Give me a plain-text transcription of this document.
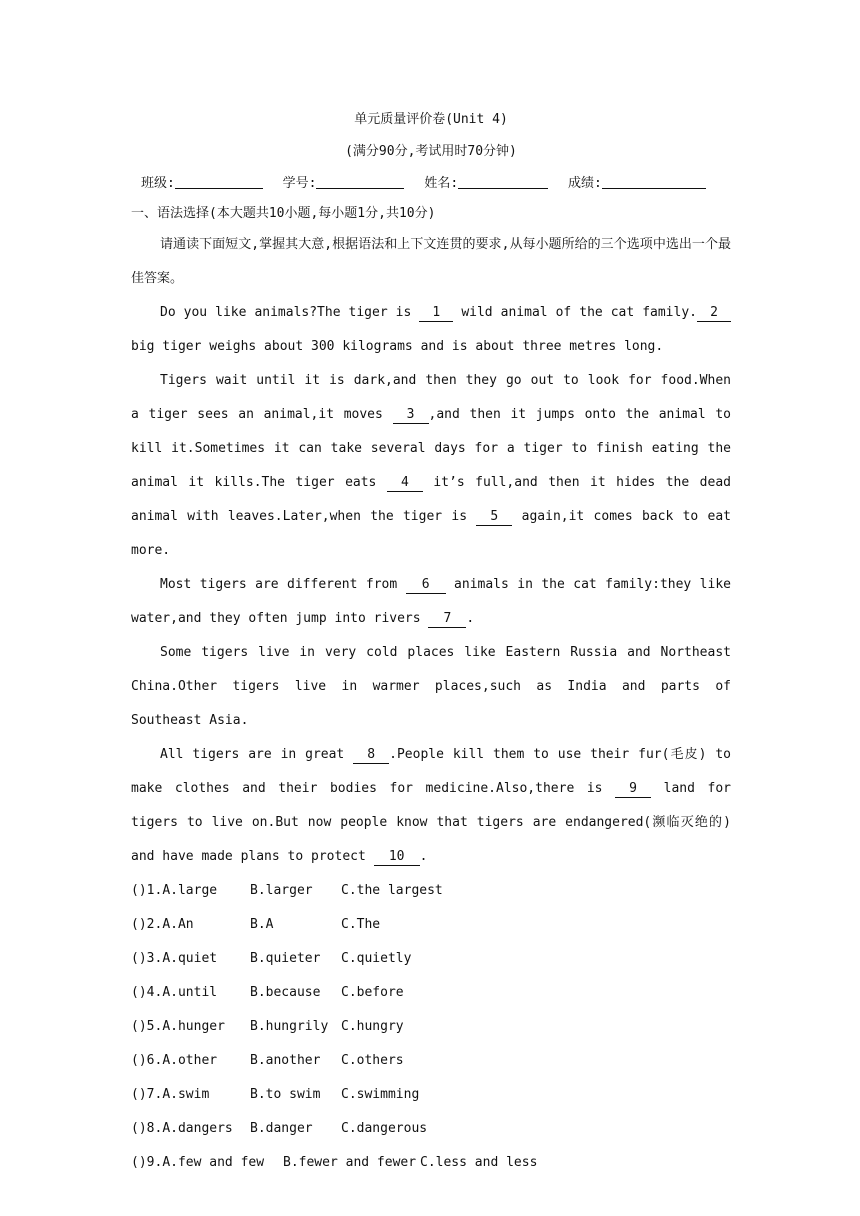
单元质量评价卷(Unit 4)
(满分90分,考试用时70分钟)
班级:	学号:	姓名:	成绩:
一、语法选择(本大题共10小题,每小题1分,共10分)

请通读下面短文,掌握其大意,根据语法和上下文连贯的要求,从每小题所给的三个选项中选出一个最佳答案。

Do you like animals?The tiger is 1 wild animal of the cat family. 2 big tiger weighs about 300 kilograms and is about three metres long.

Tigers wait until it is dark,and then they go out to look for food.When a tiger sees an animal,it moves 3 ,and then it jumps onto the animal to kill it.Sometimes it can take several days for a tiger to finish eating the animal it kills.The tiger eats 4 it’s full,and then it hides the dead animal with leaves.Later,when the tiger is 5 again,it comes back to eat more.

Most tigers are different from 6 animals in the cat family:they like water,and they often jump into rivers 7 .

Some tigers live in very cold places like Eastern Russia and Northeast China.Other tigers live in warmer places,such as India and parts of Southeast Asia.

All tigers are in great 8 .People kill them to use their fur(毛皮) to make clothes and their bodies for medicine.Also,there is 9 land for tigers to live on.But now people know that tigers are endangered(濒临灭绝的) and have made plans to protect 10 .

()1.A.large	B.larger C.the largest
()2.A.An	B.A	C.The
()3.A.quiet	B.quieter C.quietly
()4.A.until	B.because C.before
()5.A.hunger B.hungrily C.hungry
()6.A.other	B.another C.others
()7.A.swim	B.to swim C.swimming
()8.A.dangers B.danger C.dangerous
()9.A.few and few B.fewer and fewer C.less and less
